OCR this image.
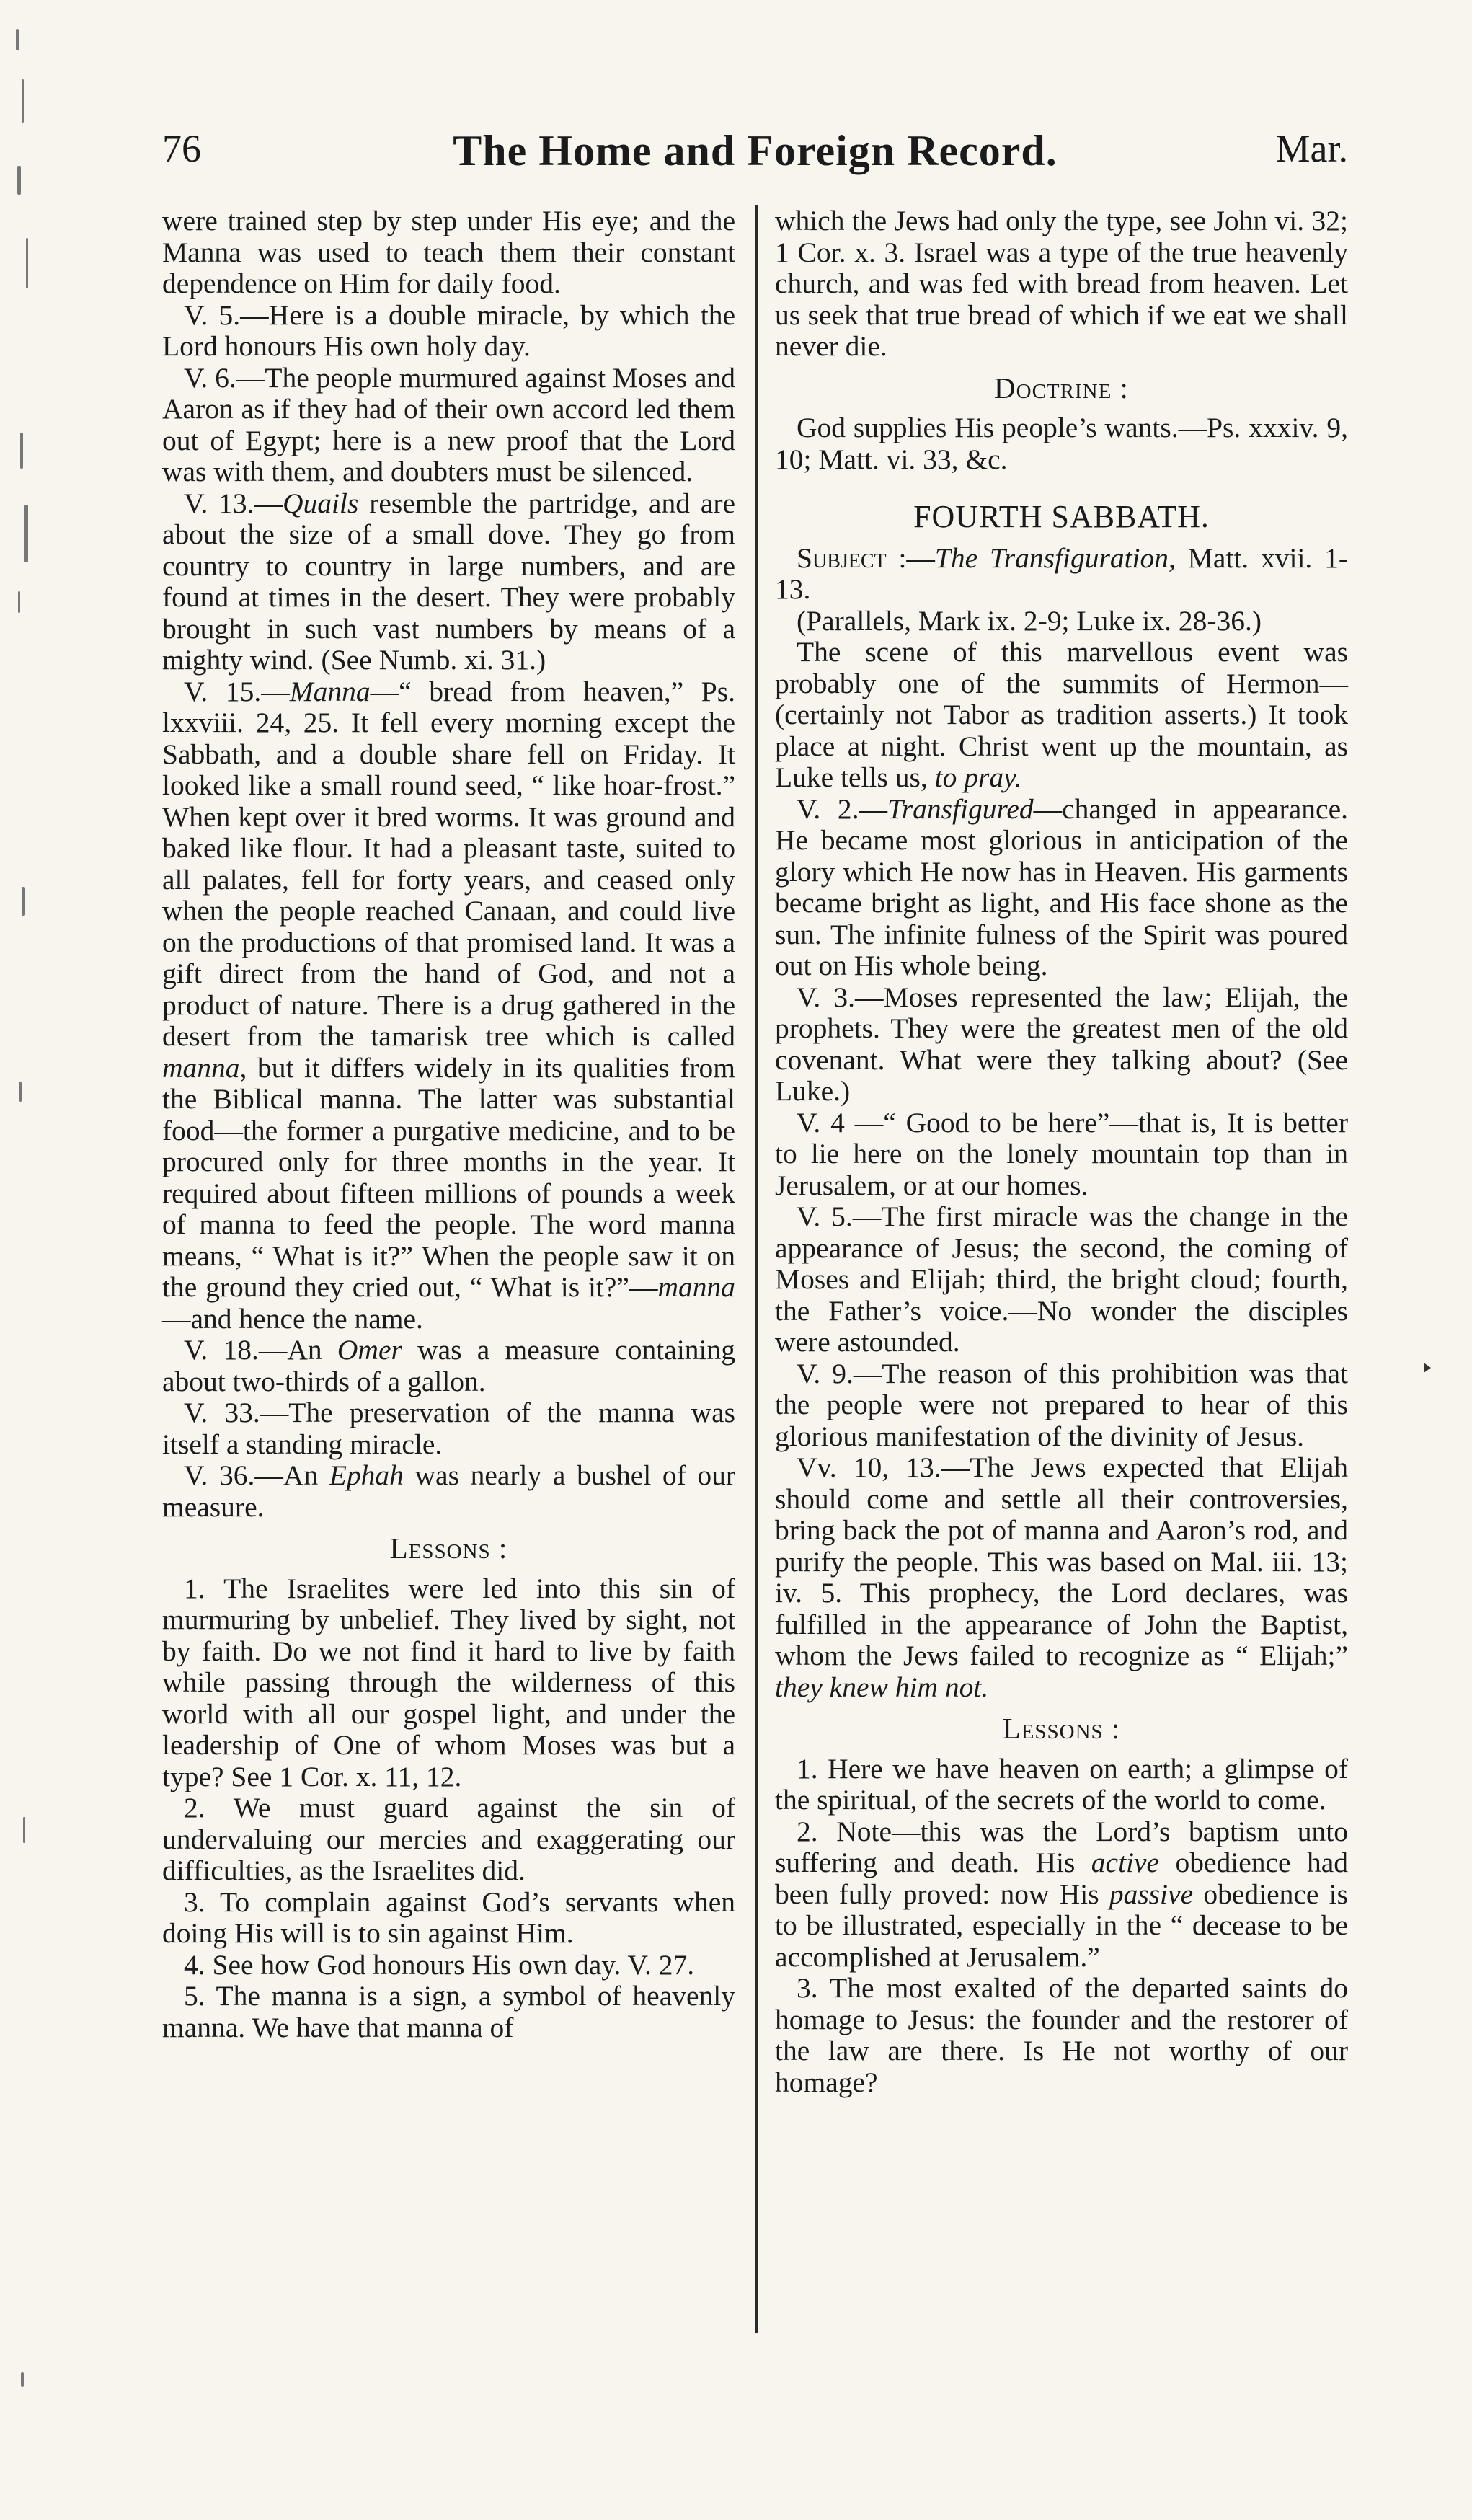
76	The Home and Foreign Record.	Mar.

were trained step by step under His eye; and the Manna was used to teach them their constant dependence on Him for daily food.

V. 5.—Here is a double miracle, by which the Lord honours His own holy day.

V. 6.—The people murmured against Moses and Aaron as if they had of their own accord led them out of Egypt; here is a new proof that the Lord was with them, and doubters must be silenced.

V. 13.—Quails resemble the partridge, and are about the size of a small dove. They go from country to country in large numbers, and are found at times in the desert. They were probably brought in such vast numbers by means of a mighty wind. (See Numb. xi. 31.)

V. 15.—Manna—“ bread from heaven,” Ps. lxxviii. 24, 25. It fell every morning except the Sabbath, and a double share fell on Friday. It looked like a small round seed, “ like hoar-frost.” When kept over it bred worms. It was ground and baked like flour. It had a pleasant taste, suited to all palates, fell for forty years, and ceased only when the people reached Canaan, and could live on the productions of that promised land. It was a gift direct from the hand of God, and not a product of nature. There is a drug gathered in the desert from the tamarisk tree which is called manna, but it differs widely in its qualities from the Biblical manna. The latter was substantial food—the former a purgative medicine, and to be procured only for three months in the year. It required about fifteen millions of pounds a week of manna to feed the people. The word manna means, “ What is it?” When the people saw it on the ground they cried out, “ What is it?”—manna—and hence the name.

V. 18.—An Omer was a measure containing about two-thirds of a gallon.

V. 33.—The preservation of the manna was itself a standing miracle.

V. 36.—An Ephah was nearly a bushel of our measure.

Lessons :

1. The Israelites were led into this sin of murmuring by unbelief. They lived by sight, not by faith. Do we not find it hard to live by faith while passing through the wilderness of this world with all our gospel light, and under the leadership of One of whom Moses was but a type? See 1 Cor. x. 11, 12.

2. We must guard against the sin of undervaluing our mercies and exaggerating our difficulties, as the Israelites did.

3. To complain against God’s servants when doing His will is to sin against Him.

4. See how God honours His own day. V. 27.

5. The manna is a sign, a symbol of heavenly manna. We have that manna of

which the Jews had only the type, see John vi. 32; 1 Cor. x. 3. Israel was a type of the true heavenly church, and was fed with bread from heaven. Let us seek that true bread of which if we eat we shall never die.

Doctrine :

God supplies His people’s wants.—Ps. xxxiv. 9, 10; Matt. vi. 33, &c.

FOURTH SABBATH.

Subject :—The Transfiguration, Matt. xvii. 1-13.

(Parallels, Mark ix. 2-9; Luke ix. 28-36.)

The scene of this marvellous event was probably one of the summits of Hermon—(certainly not Tabor as tradition asserts.) It took place at night. Christ went up the mountain, as Luke tells us, to pray.

V. 2.—Transfigured—changed in appearance. He became most glorious in anticipation of the glory which He now has in Heaven. His garments became bright as light, and His face shone as the sun. The infinite fulness of the Spirit was poured out on His whole being.

V. 3.—Moses represented the law; Elijah, the prophets. They were the greatest men of the old covenant. What were they talking about? (See Luke.)

V. 4 —“ Good to be here”—that is, It is better to lie here on the lonely mountain top than in Jerusalem, or at our homes.

V. 5.—The first miracle was the change in the appearance of Jesus; the second, the coming of Moses and Elijah; third, the bright cloud; fourth, the Father’s voice.—No wonder the disciples were astounded.

V. 9.—The reason of this prohibition was that the people were not prepared to hear of this glorious manifestation of the divinity of Jesus.

Vv. 10, 13.—The Jews expected that Elijah should come and settle all their controversies, bring back the pot of manna and Aaron’s rod, and purify the people. This was based on Mal. iii. 13; iv. 5. This prophecy, the Lord declares, was fulfilled in the appearance of John the Baptist, whom the Jews failed to recognize as “ Elijah;” they knew him not.

Lessons :

1. Here we have heaven on earth; a glimpse of the spiritual, of the secrets of the world to come.

2. Note—this was the Lord’s baptism unto suffering and death. His active obedience had been fully proved: now His passive obedience is to be illustrated, especially in the “ decease to be accomplished at Jerusalem.”

3. The most exalted of the departed saints do homage to Jesus: the founder and the restorer of the law are there. Is He not worthy of our homage?
